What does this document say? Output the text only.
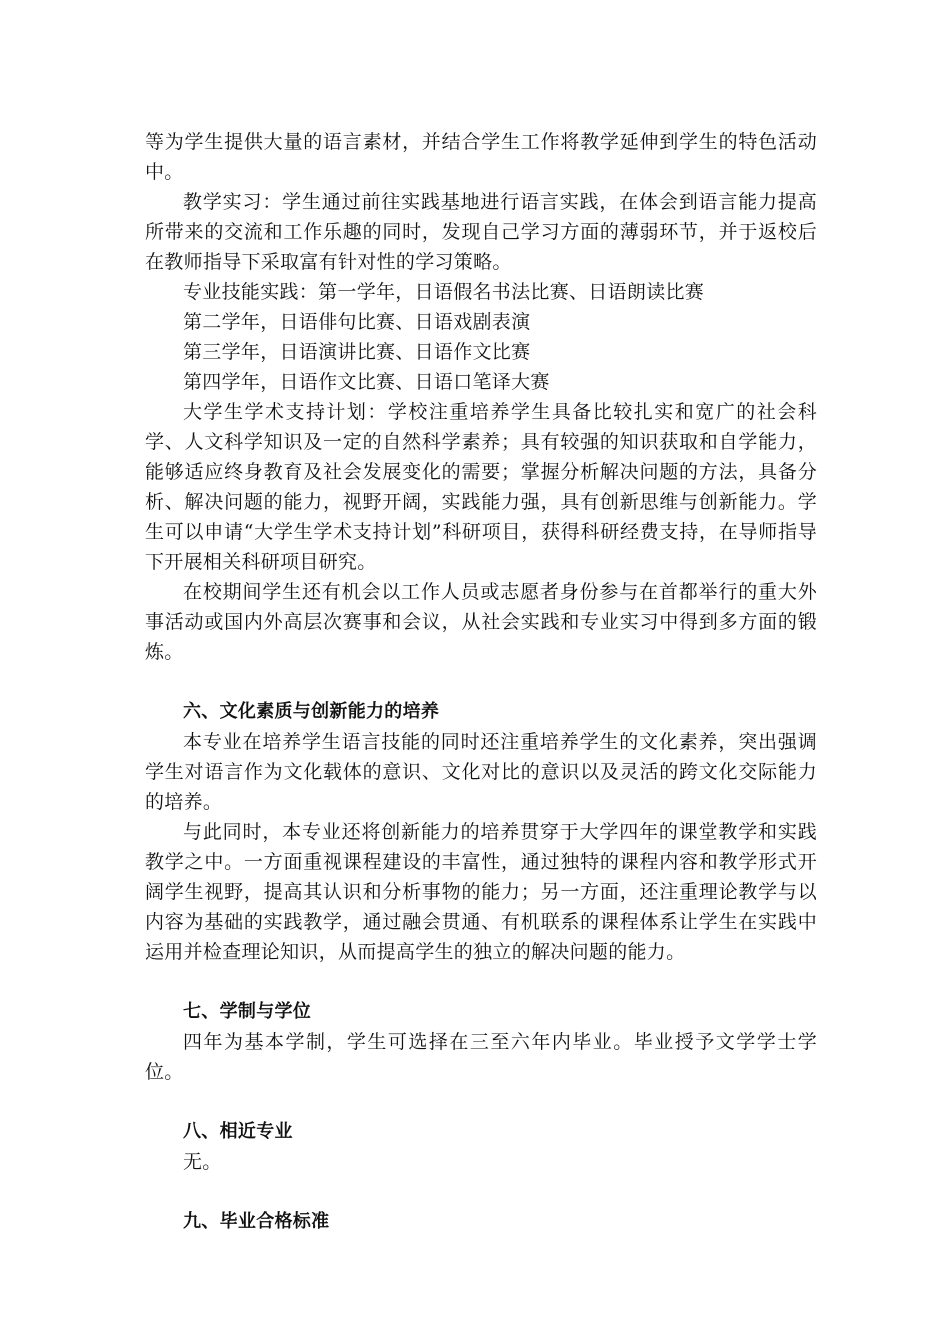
等为学生提供大量的语言素材，并结合学生工作将教学延伸到学生的特色活动中。

教学实习：学生通过前往实践基地进行语言实践，在体会到语言能力提高所带来的交流和工作乐趣的同时，发现自己学习方面的薄弱环节，并于返校后在教师指导下采取富有针对性的学习策略。

专业技能实践：第一学年，日语假名书法比赛、日语朗读比赛

第二学年，日语俳句比赛、日语戏剧表演

第三学年，日语演讲比赛、日语作文比赛

第四学年，日语作文比赛、日语口笔译大赛

大学生学术支持计划：学校注重培养学生具备比较扎实和宽广的社会科学、人文科学知识及一定的自然科学素养；具有较强的知识获取和自学能力，能够适应终身教育及社会发展变化的需要；掌握分析解决问题的方法，具备分析、解决问题的能力，视野开阔，实践能力强，具有创新思维与创新能力。学生可以申请“大学生学术支持计划”科研项目，获得科研经费支持，在导师指导下开展相关科研项目研究。

在校期间学生还有机会以工作人员或志愿者身份参与在首都举行的重大外事活动或国内外高层次赛事和会议，从社会实践和专业实习中得到多方面的锻炼。

六、文化素质与创新能力的培养

本专业在培养学生语言技能的同时还注重培养学生的文化素养，突出强调学生对语言作为文化载体的意识、文化对比的意识以及灵活的跨文化交际能力的培养。

与此同时，本专业还将创新能力的培养贯穿于大学四年的课堂教学和实践教学之中。一方面重视课程建设的丰富性，通过独特的课程内容和教学形式开阔学生视野，提高其认识和分析事物的能力；另一方面，还注重理论教学与以内容为基础的实践教学，通过融会贯通、有机联系的课程体系让学生在实践中运用并检查理论知识，从而提高学生的独立的解决问题的能力。

七、学制与学位

四年为基本学制，学生可选择在三至六年内毕业。毕业授予文学学士学位。

八、相近专业

无。

九、毕业合格标准
